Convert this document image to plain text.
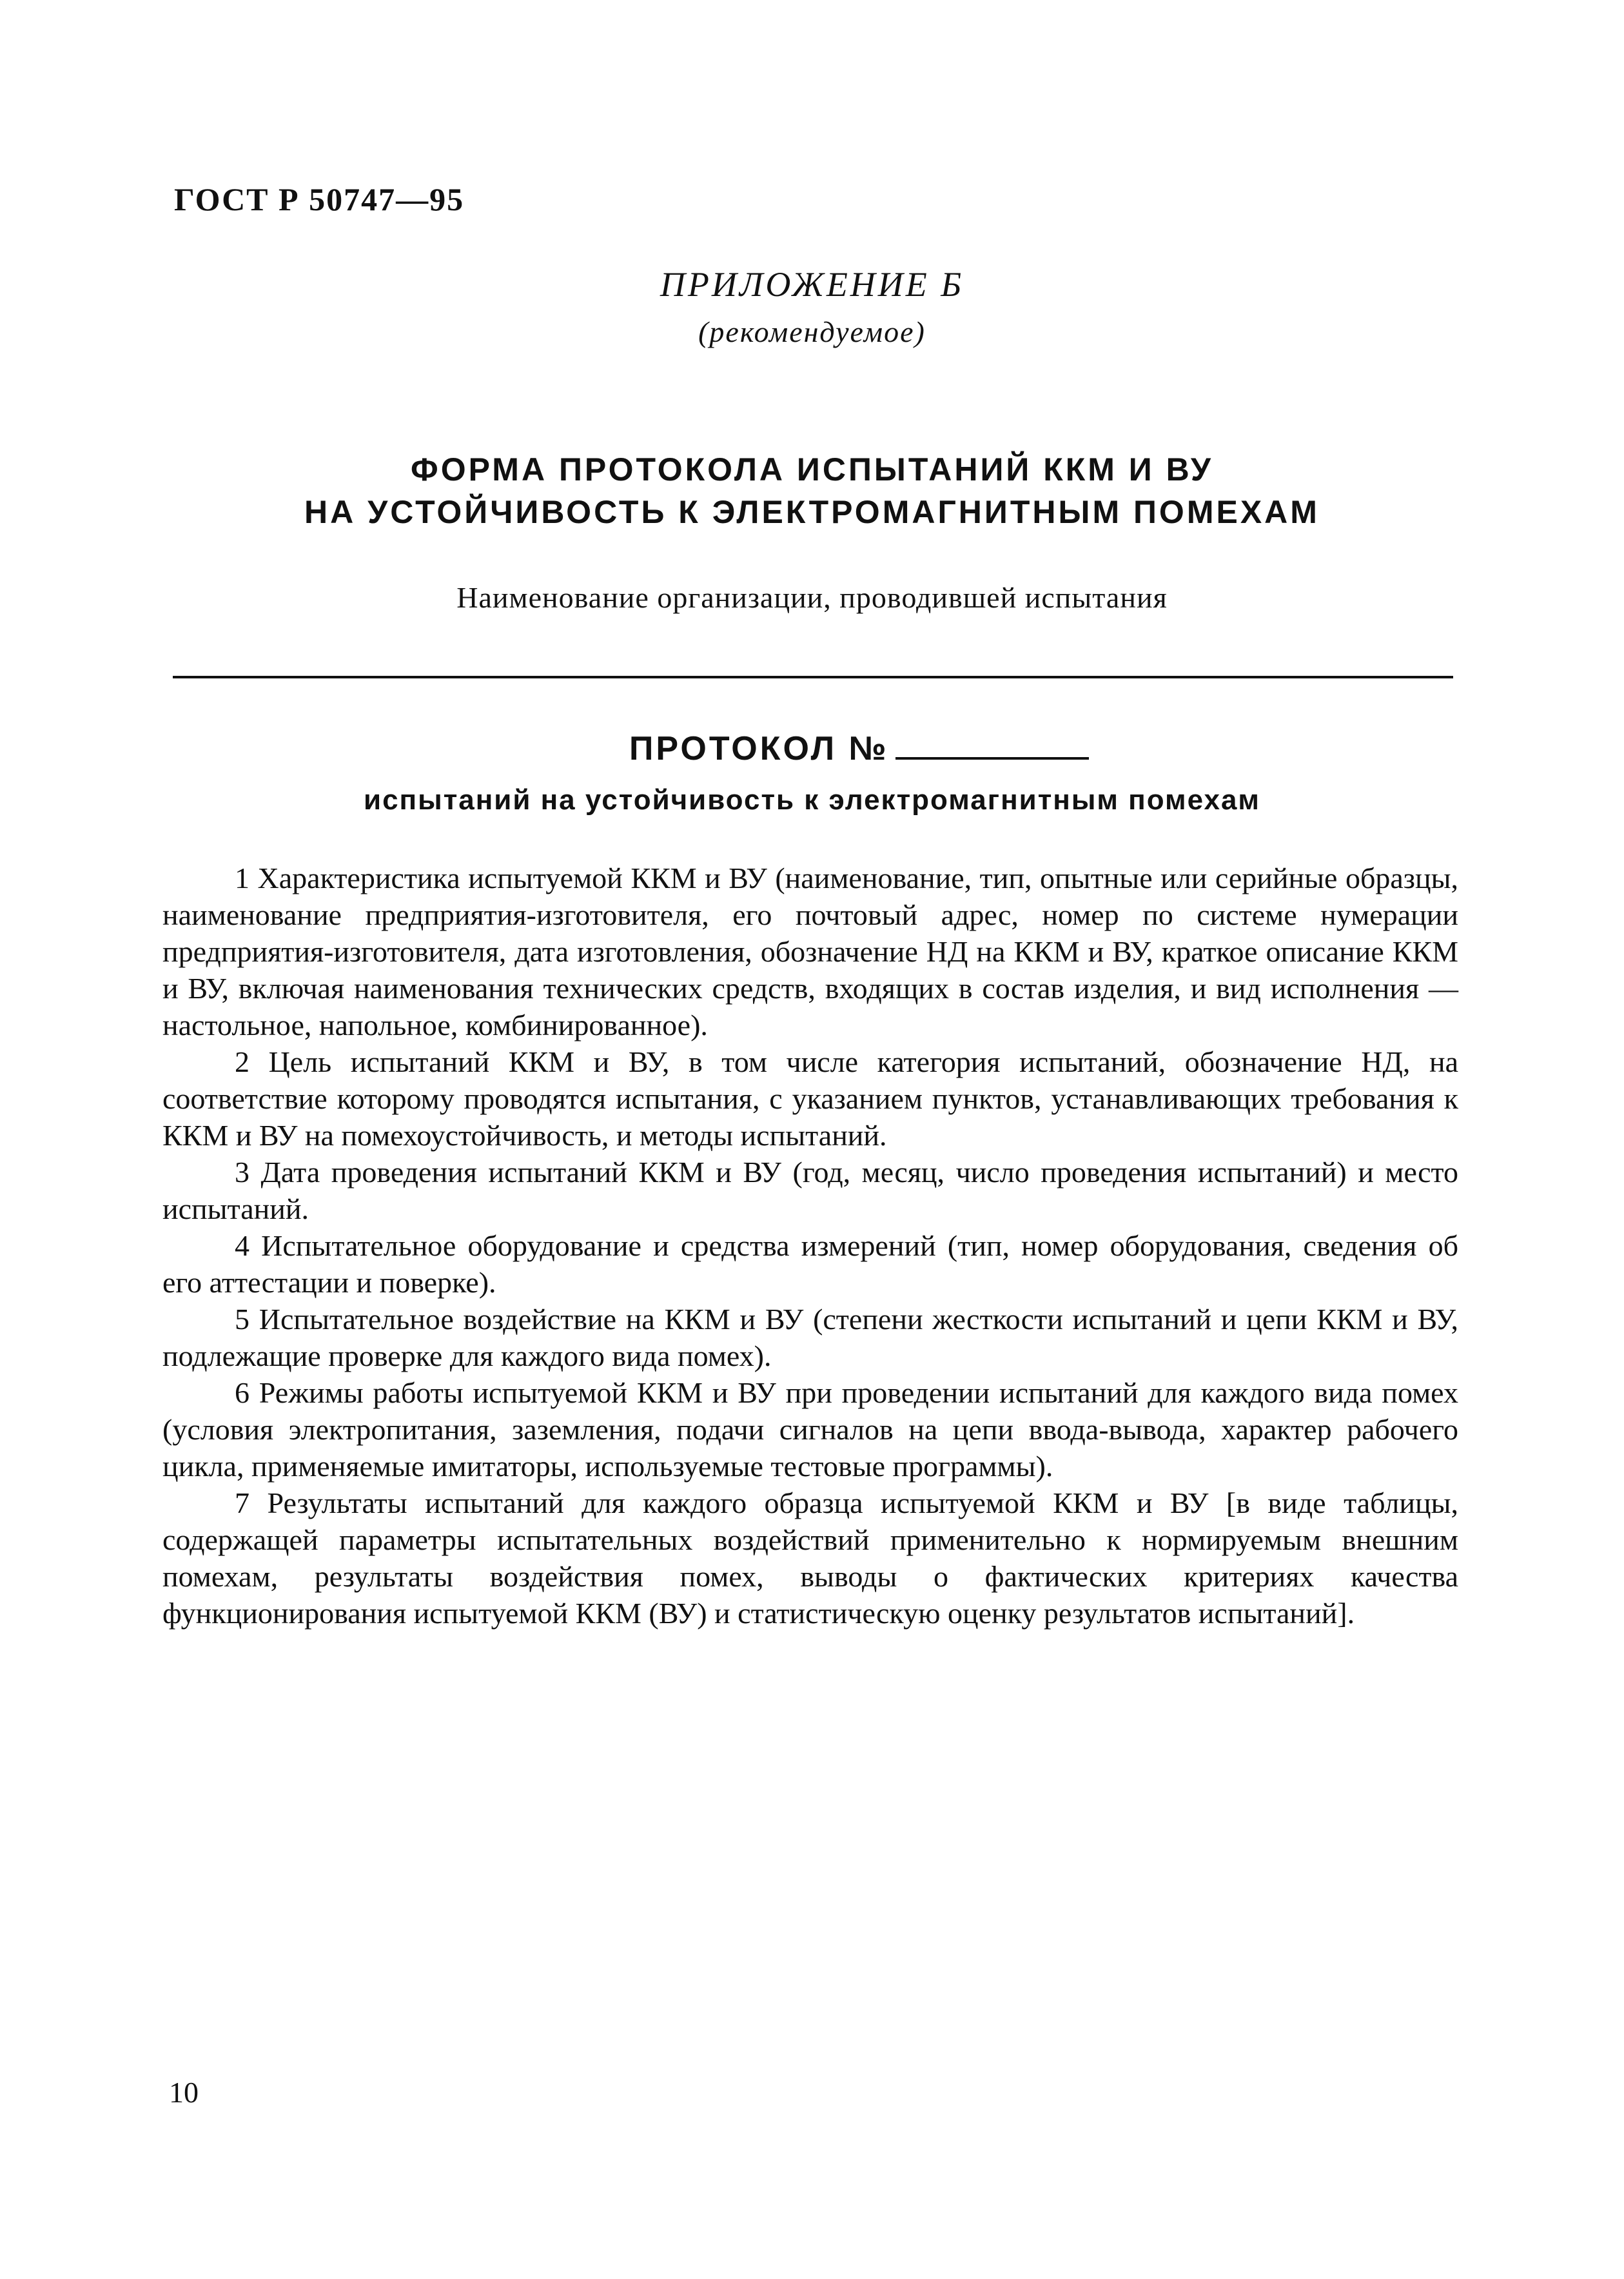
ГОСТ Р 50747—95
ПРИЛОЖЕНИЕ Б
(рекомендуемое)
ФОРМА ПРОТОКОЛА ИСПЫТАНИЙ ККМ И ВУ
НА УСТОЙЧИВОСТЬ К ЭЛЕКТРОМАГНИТНЫМ ПОМЕХАМ
Наименование организации, проводившей испытания
ПРОТОКОЛ №
испытаний на устойчивость к электромагнитным помехам

1 Характеристика испытуемой ККМ и ВУ (наименование, тип, опытные или серийные образцы, наименование предприятия-изготовителя, его почтовый адрес, номер по системе нумерации предприятия-изготовителя, дата изготовления, обозначение НД на ККМ и ВУ, краткое описание ККМ и ВУ, включая наименования технических средств, входящих в состав изделия, и вид исполнения — настольное, напольное, комбинированное).

2 Цель испытаний ККМ и ВУ, в том числе категория испытаний, обозначение НД, на соответствие которому проводятся испытания, с указанием пунктов, устанавливающих требования к ККМ и ВУ на помехоустойчивость, и методы испытаний.

3 Дата проведения испытаний ККМ и ВУ (год, месяц, число проведения испытаний) и место испытаний.

4 Испытательное оборудование и средства измерений (тип, номер оборудования, сведения об его аттестации и поверке).

5 Испытательное воздействие на ККМ и ВУ (степени жесткости испытаний и цепи ККМ и ВУ, подлежащие проверке для каждого вида помех).

6 Режимы работы испытуемой ККМ и ВУ при проведении испытаний для каждого вида помех (условия электропитания, заземления, подачи сигналов на цепи ввода-вывода, характер рабочего цикла, применяемые имитаторы, используемые тестовые программы).

7 Результаты испытаний для каждого образца испытуемой ККМ и ВУ [в виде таблицы, содержащей параметры испытательных воздействий применительно к нормируемым внешним помехам, результаты воздействия помех, выводы о фактических критериях качества функционирования испытуемой ККМ (ВУ) и статистическую оценку результатов испытаний].

10
